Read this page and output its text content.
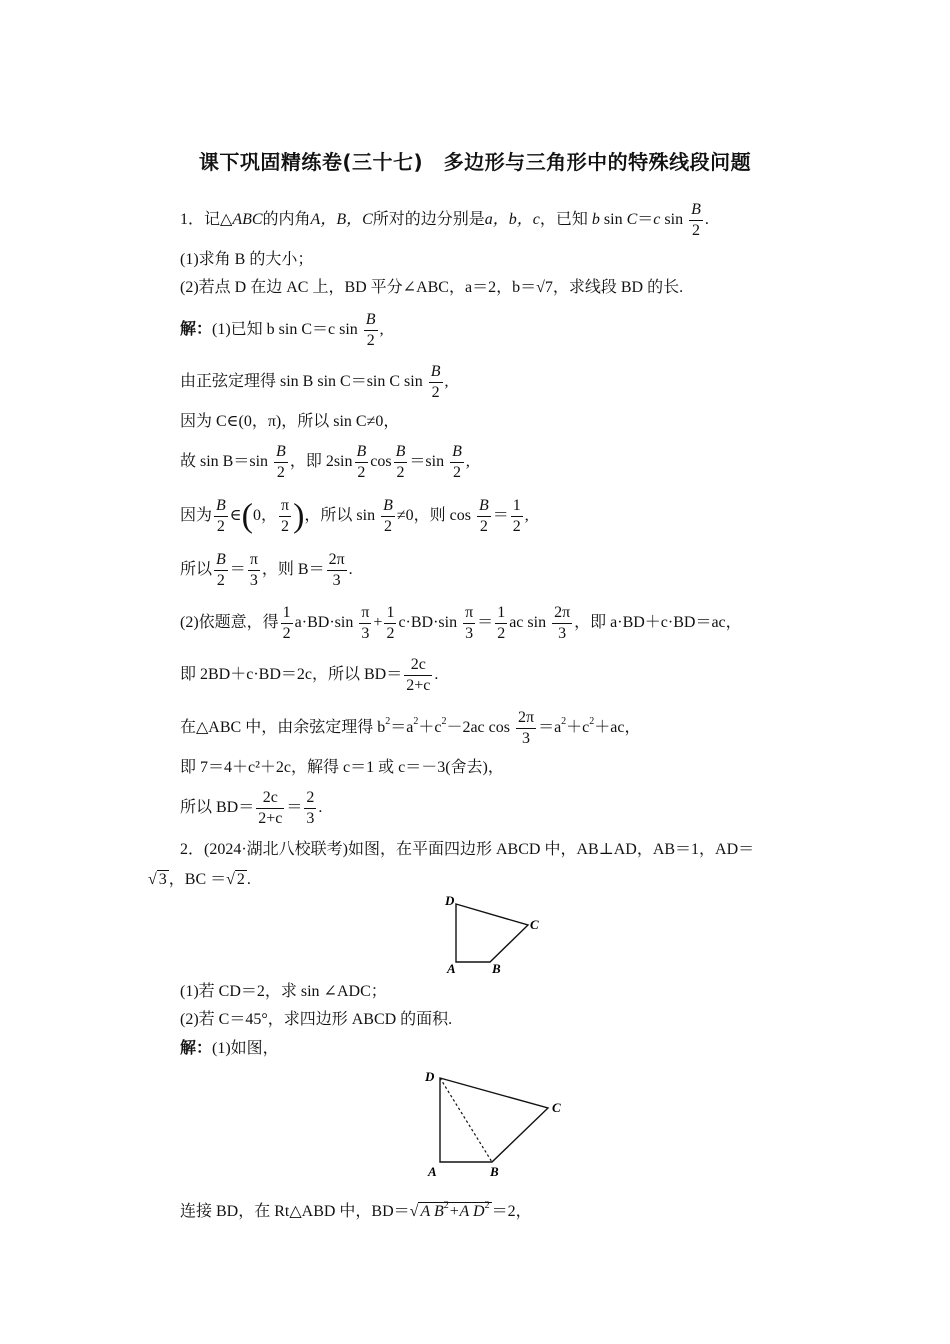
课下巩固精练卷(三十七)　多边形与三角形中的特殊线段问题
1．记△ABC的内角A，B，C所对的边分别是a，b，c，已知 b sin C＝c $\sin \frac{B}{2}$ .
(1)求角 B 的大小；
(2)若点 D 在边 AC 上，BD 平分∠ABC，a＝2，b＝√7，求线段 BD 的长.
解：(1)已知 b sin C＝c $\sin \frac{B}{2}$ ,
由正弦定理得 sin B sin C＝sin C $\sin \frac{B}{2}$ ,
因为 C∈(0，π)，所以 sin C≠0，
故 $\sin B=\sin \frac{B}{2}$ ，即 $2\sin \frac{B}{2}$ $\cos \frac{B}{2} =\sin \frac{B}{2}$ ,
因为 $\frac{B}{2}$ ∈(0， $\frac{\pi}{2}$ )，所以 $\sin \frac{B}{2} \ne 0$，则 $\cos \frac{B}{2} = \frac{1}{2}$ ,
所以 $\frac{B}{2} = \frac{\pi}{3}$ ，则 $B= \frac{2\pi}{3}$ .
(2)依题意，得 $\frac{1}{2} a\cdot BD\cdot\sin \frac{\pi}{3} + \frac{1}{2} c\cdot BD\cdot\sin \frac{\pi}{3} = \frac{1}{2}$ ac $\sin \frac{2\pi}{3}$ ，即 a·BD＋c·BD＝ac，
即 2BD＋c·BD＝2c，所以 $BD= \frac{2c}{2+c}$ .
在△ABC 中，由余弦定理得 $b^2=a^2+c^2-2ac$ $\cos \frac{2\pi}{3} =a^2+c^2+ac$，
即 7＝4＋c²＋2c，解得 c＝1 或 c＝－3(舍去)，
所以 $BD= \frac{2c}{2+c} = \frac{2}{3}$ .
2．(2024·湖北八校联考)如图，在平面四边形 ABCD 中，AB⊥AD，AB＝1，AD＝
√ 3 ，BC ＝√ 2 .
D
C
A	B
(1)若 CD＝2，求 sin ∠ADC；
(2)若 C＝45°，求四边形 ABCD 的面积.
解：(1)如图，
D
C
A	B
连接 BD，在 Rt△ABD 中，BD＝√ A $B^2+A$ $D^2 =2$，
